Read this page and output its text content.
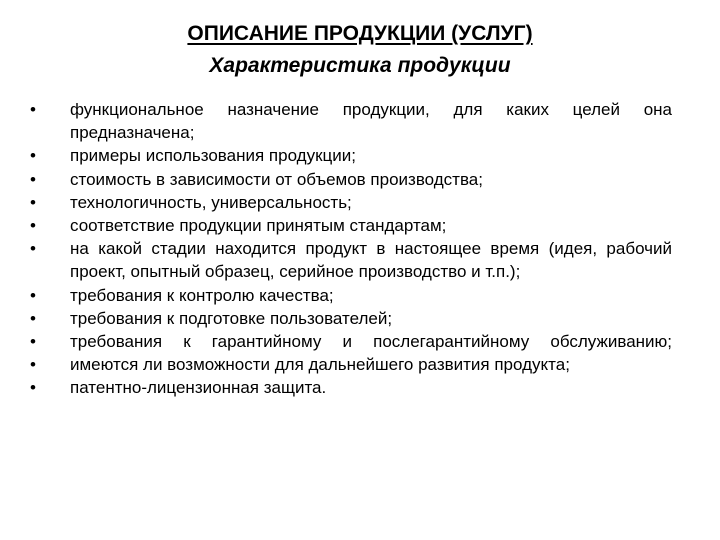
ОПИСАНИЕ ПРОДУКЦИИ (УСЛУГ)
Характеристика продукции
•	функциональное назначение продукции, для каких целей она предназначена;
•	примеры использования продукции;
•	стоимость в зависимости от объемов производства;
•	технологичность, универсальность;
•	соответствие продукции принятым стандартам;
•	на какой стадии находится продукт в настоящее время (идея, рабочий проект, опытный образец, серийное производство и т.п.);
•	требования к контролю качества;
•	требования к подготовке пользователей;
•	требования к гарантийному и послегарантийному обслуживанию;
•	имеются ли возможности для дальнейшего развития продукта;
•	патентно-лицензионная защита.
